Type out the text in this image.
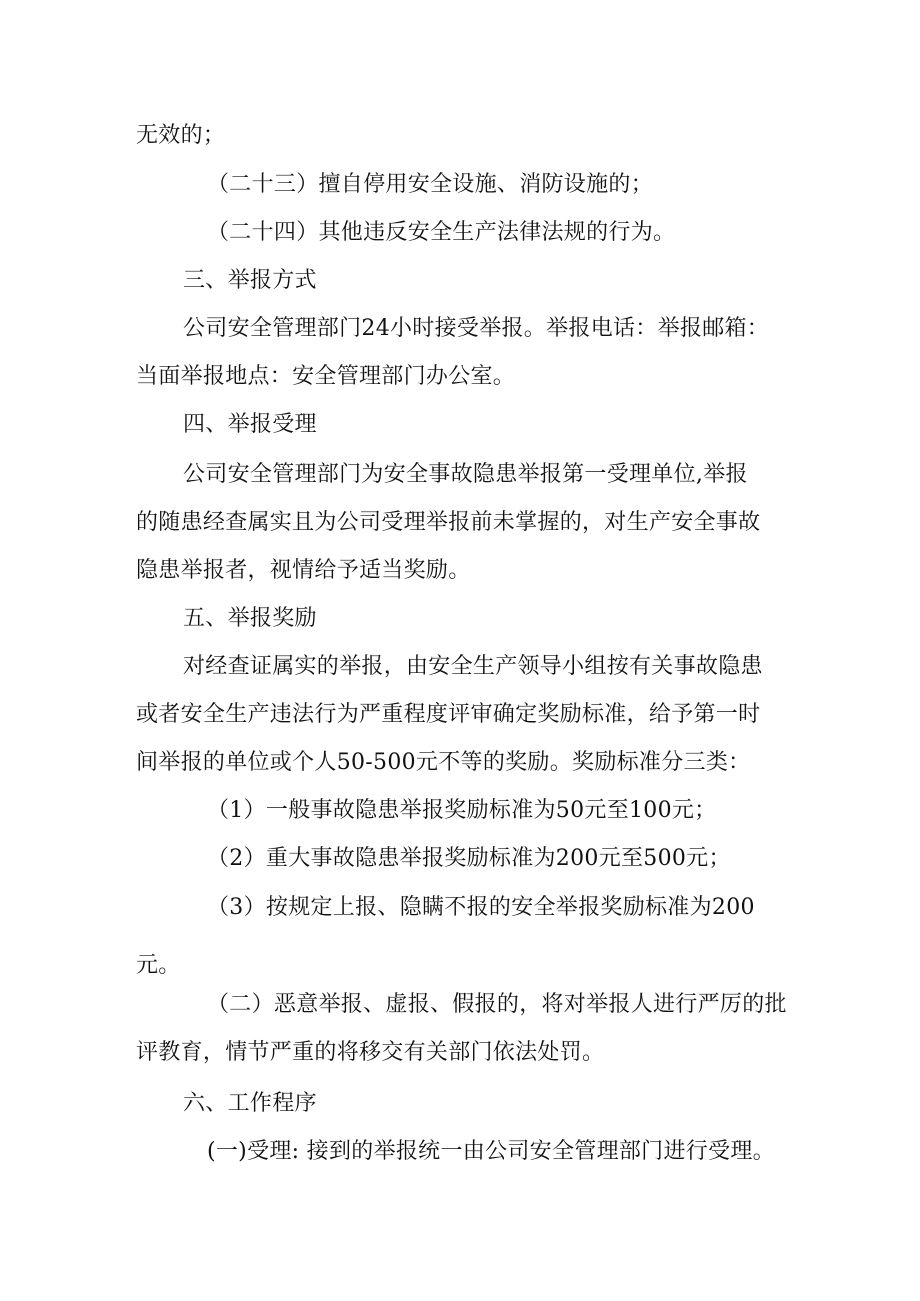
无效的；
（二十三）擅自停用安全设施、消防设施的；
（二十四）其他违反安全生产法律法规的行为。
三、举报方式
公司安全管理部门24小时接受举报。举报电话：举报邮箱：
当面举报地点：安全管理部门办公室。
四、举报受理
公司安全管理部门为安全事故隐患举报第一受理单位,举报
的随患经查属实且为公司受理举报前未掌握的，对生产安全事故
隐患举报者，视情给予适当奖励。
五、举报奖励
对经查证属实的举报，由安全生产领导小组按有关事故隐患
或者安全生产违法行为严重程度评审确定奖励标准，给予第一时
间举报的单位或个人50-500元不等的奖励。奖励标准分三类：
（1）一般事故隐患举报奖励标准为50元至100元；
（2）重大事故隐患举报奖励标准为200元至500元；
（3）按规定上报、隐瞒不报的安全举报奖励标准为200
元。
（二）恶意举报、虚报、假报的，将对举报人进行严厉的批
评教育，情节严重的将移交有关部门依法处罚。
六、工作程序
(一)受理: 接到的举报统一由公司安全管理部门进行受理。
